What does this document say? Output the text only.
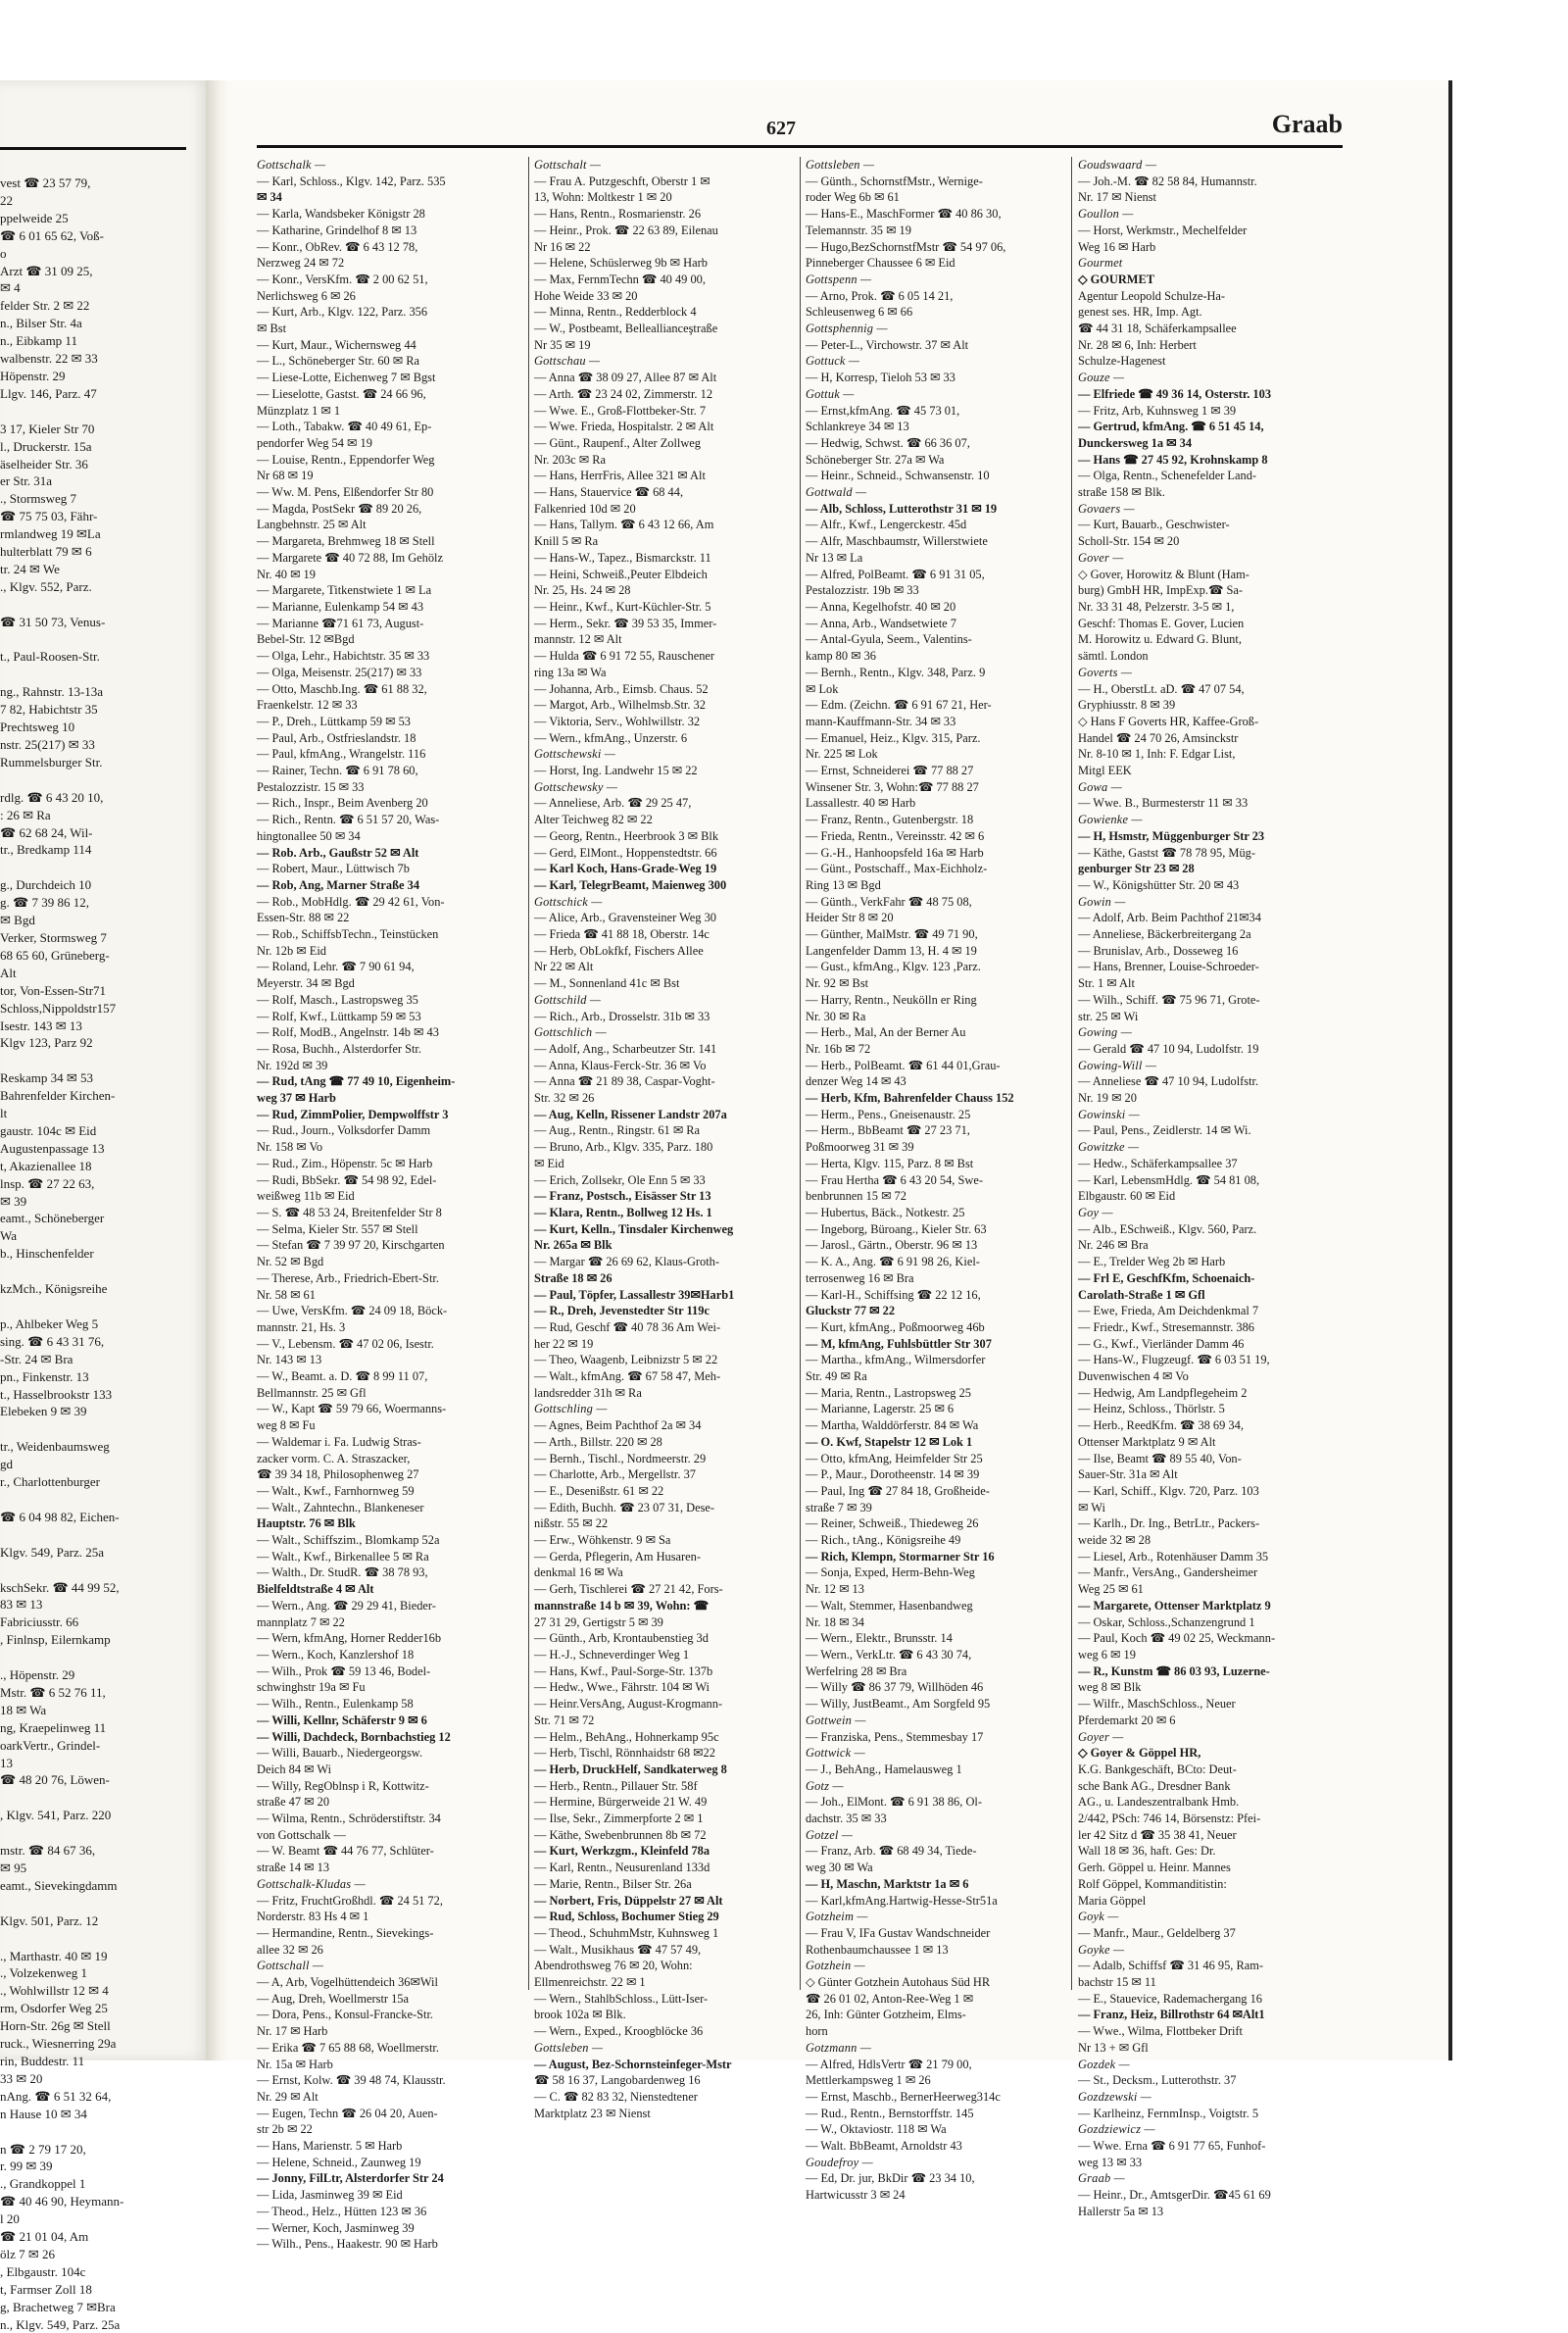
vest ☎ 23 57 79,
22
ppelweide 25
☎ 6 01 65 62, Voß-
o
Arzt ☎ 31 09 25,
✉ 4
felder Str. 2 ✉ 22
n., Bilser Str. 4a
n., Eibkamp 11
walbenstr. 22 ✉ 33
Höpenstr. 29
Llgv. 146, Parz. 47

3 17, Kieler Str 70
l., Druckerstr. 15a
äselheider Str. 36
er Str. 31a
., Stormsweg 7
☎ 75 75 03, Fähr-
rmlandweg 19 ✉La
hulterblatt 79 ✉ 6
tr. 24 ✉ We
., Klgv. 552, Parz.

☎ 31 50 73, Venus-

t., Paul-Roosen-Str.

ng., Rahnstr. 13-13a
7 82, Habichtstr 35
Prechtsweg 10
nstr. 25(217) ✉ 33
Rummelsburger Str.

rdlg. ☎ 6 43 20 10,
: 26 ✉ Ra
☎ 62 68 24, Wil-
tr., Bredkamp 114

g., Durchdeich 10
g. ☎ 7 39 86 12,
✉ Bgd
Verker, Stormsweg 7
68 65 60, Grüneberg-
Alt
tor, Von-Essen-Str71
Schloss,Nippoldstr157
Isestr. 143 ✉ 13
Klgv 123, Parz 92

Reskamp 34 ✉ 53
Bahrenfelder Kirchen-
lt
gaustr. 104c ✉ Eid
Augustenpassage 13
t, Akazienallee 18
lnsp. ☎ 27 22 63,
✉ 39
eamt., Schöneberger
Wa
b., Hinschenfelder

kzMch., Königsreihe

p., Ahlbeker Weg 5
sing. ☎ 6 43 31 76,
-Str. 24 ✉ Bra
pn., Finkenstr. 13
t., Hasselbrookstr 133
Elebeken 9 ✉ 39

tr., Weidenbaumsweg
gd
r., Charlottenburger

☎ 6 04 98 82, Eichen-

Klgv. 549, Parz. 25a

kschSekr. ☎ 44 99 52,
83 ✉ 13
Fabriciusstr. 66
, Finlnsp, Eilernkamp

., Höpenstr. 29
Mstr. ☎ 6 52 76 11,
18 ✉ Wa
ng, Kraepelinweg 11
oarkVertr., Grindel-
13
☎ 48 20 76, Löwen-

, Klgv. 541, Parz. 220

mstr. ☎ 84 67 36,
✉ 95
eamt., Sievekingdamm

Klgv. 501, Parz. 12

., Marthastr. 40 ✉ 19
., Volzekenweg 1
., Wohlwillstr 12 ✉ 4
rm, Osdorfer Weg 25
Horn-Str. 26g ✉ Stell
ruck., Wiesnerring 29a
rin, Buddestr. 11
33 ✉ 20
nAng. ☎ 6 51 32 64,
n Hause 10 ✉ 34

n ☎ 2 79 17 20,
r. 99 ✉ 39
., Grandkoppel 1
☎ 40 46 90, Heymann-
l 20
☎ 21 01 04, Am
ölz 7 ✉ 26
, Elbgaustr. 104c
t, Farmser Zoll 18
g, Brachetweg 7 ✉Bra
n., Klgv. 549, Parz. 25a
627	Graab
Gottschalk —
— Karl, Schloss., Klgv. 142, Parz. 535
✉ 34
— Karla, Wandsbeker Königstr 28
— Katharine, Grindelhof 8 ✉ 13
— Konr., ObRev. ☎ 6 43 12 78,
Nerzweg 24 ✉ 72
— Konr., VersKfm. ☎ 2 00 62 51,
Nerlichsweg 6 ✉ 26
— Kurt, Arb., Klgv. 122, Parz. 356
✉ Bst
— Kurt, Maur., Wichernsweg 44
— L., Schöneberger Str. 60 ✉ Ra
— Liese-Lotte, Eichenweg 7 ✉ Bgst
— Lieselotte, Gastst. ☎ 24 66 96,
Münzplatz 1 ✉ 1
— Loth., Tabakw. ☎ 40 49 61, Ep-
pendorfer Weg 54 ✉ 19
— Louise, Rentn., Eppendorfer Weg
Nr 68 ✉ 19
— Ww. M. Pens, Elßendorfer Str 80
— Magda, PostSekr ☎ 89 20 26,
Langbehnstr. 25 ✉ Alt
— Margareta, Brehmweg 18 ✉ Stell
— Margarete ☎ 40 72 88, Im Gehölz
Nr. 40 ✉ 19
— Margarete, Titkenstwiete 1 ✉ La
— Marianne, Eulenkamp 54 ✉ 43
— Marianne ☎71 61 73, August-
Bebel-Str. 12 ✉Bgd
— Olga, Lehr., Habichtstr. 35 ✉ 33
— Olga, Meisenstr. 25(217) ✉ 33
— Otto, Maschb.Ing. ☎ 61 88 32,
Fraenkelstr. 12 ✉ 33
— P., Dreh., Lüttkamp 59 ✉ 53
— Paul, Arb., Ostfrieslandstr. 18
— Paul, kfmAng., Wrangelstr. 116
— Rainer, Techn. ☎ 6 91 78 60,
Pestalozzistr. 15 ✉ 33
— Rich., Inspr., Beim Avenberg 20
— Rich., Rentn. ☎ 6 51 57 20, Was-
hingtonallee 50 ✉ 34
— Rob. Arb., Gaußstr 52 ✉ Alt
— Robert, Maur., Lüttwisch 7b
— Rob, Ang, Marner Straße 34
— Rob., MobHdlg. ☎ 29 42 61, Von-
Essen-Str. 88 ✉ 22
— Rob., SchiffsbTechn., Teinstücken
Nr. 12b ✉ Eid
— Roland, Lehr. ☎ 7 90 61 94,
Meyerstr. 34 ✉ Bgd
— Rolf, Masch., Lastropsweg 35
— Rolf, Kwf., Lüttkamp 59 ✉ 53
— Rolf, ModB., Angelnstr. 14b ✉ 43
— Rosa, Buchh., Alsterdorfer Str.
Nr. 192d ✉ 39
— Rud, tAng ☎ 77 49 10, Eigenheim-
weg 37 ✉ Harb
— Rud, ZimmPolier, Dempwolffstr 3
— Rud., Journ., Volksdorfer Damm
Nr. 158 ✉ Vo
— Rud., Zim., Höpenstr. 5c ✉ Harb
— Rudi, BbSekr. ☎ 54 98 92, Edel-
weißweg 11b ✉ Eid
— S. ☎ 48 53 24, Breitenfelder Str 8
— Selma, Kieler Str. 557 ✉ Stell
— Stefan ☎ 7 39 97 20, Kirschgarten
Nr. 52 ✉ Bgd
— Therese, Arb., Friedrich-Ebert-Str.
Nr. 58 ✉ 61
— Uwe, VersKfm. ☎ 24 09 18, Böck-
mannstr. 21, Hs. 3
— V., Lebensm. ☎ 47 02 06, Isestr.
Nr. 143 ✉ 13
— W., Beamt. a. D. ☎ 8 99 11 07,
Bellmannstr. 25 ✉ Gfl
— W., Kapt ☎ 59 79 66, Woermanns-
weg 8 ✉ Fu
— Waldemar i. Fa. Ludwig Stras-
zacker vorm. C. A. Straszacker,
☎ 39 34 18, Philosophenweg 27
— Walt., Kwf., Farnhornweg 59
— Walt., Zahntechn., Blankeneser
Hauptstr. 76 ✉ Blk
— Walt., Schiffszim., Blomkamp 52a
— Walt., Kwf., Birkenallee 5 ✉ Ra
— Walth., Dr. StudR. ☎ 38 78 93,
Bielfeldtstraße 4 ✉ Alt
— Wern., Ang. ☎ 29 29 41, Bieder-
mannplatz 7 ✉ 22
— Wern, kfmAng, Horner Redder16b
— Wern., Koch, Kanzlershof 18
— Wilh., Prok ☎ 59 13 46, Bodel-
schwinghstr 19a ✉ Fu
— Wilh., Rentn., Eulenkamp 58
— Willi, Kellnr, Schäferstr 9 ✉ 6
— Willi, Dachdeck, Bornbachstieg 12
— Willi, Bauarb., Niedergeorgsw.
Deich 84 ✉ Wi
— Willy, RegOblnsp i R, Kottwitz-
straße 47 ✉ 20
— Wilma, Rentn., Schröderstiftstr. 34
von Gottschalk —
— W. Beamt ☎ 44 76 77, Schlüter-
straße 14 ✉ 13
Gottschalk-Kludas —
— Fritz, FruchtGroßhdl. ☎ 24 51 72,
Norderstr. 83 Hs 4 ✉ 1
— Hermandine, Rentn., Sievekings-
allee 32 ✉ 26
Gottschall —
— A, Arb, Vogelhüttendeich 36✉Wil
— Aug, Dreh, Woellmerstr 15a
— Dora, Pens., Konsul-Francke-Str.
Nr. 17 ✉ Harb
— Erika ☎ 7 65 88 68, Woellmerstr.
Nr. 15a ✉ Harb
— Ernst, Kolw. ☎ 39 48 74, Klausstr.
Nr. 29 ✉ Alt
— Eugen, Techn ☎ 26 04 20, Auen-
str 2b ✉ 22
— Hans, Marienstr. 5 ✉ Harb
— Helene, Schneid., Zaunweg 19
— Jonny, FilLtr, Alsterdorfer Str 24
— Lida, Jasminweg 39 ✉ Eid
— Theod., Helz., Hütten 123 ✉ 36
— Werner, Koch, Jasminweg 39
— Wilh., Pens., Haakestr. 90 ✉ Harb
Gottschalt —
— Frau A. Putzgeschft, Oberstr 1 ✉
13, Wohn: Moltkestr 1 ✉ 20
— Hans, Rentn., Rosmarienstr. 26
— Heinr., Prok. ☎ 22 63 89, Eilenau
Nr 16 ✉ 22
— Helene, Schüslerweg 9b ✉ Harb
— Max, FernmTechn ☎ 40 49 00,
Hohe Weide 33 ✉ 20
— Minna, Rentn., Redderblock 4
— W., Postbeamt, Belleallianceştraße
Nr 35 ✉ 19
Gottschau —
— Anna ☎ 38 09 27, Allee 87 ✉ Alt
— Arth. ☎ 23 24 02, Zimmerstr. 12
— Wwe. E., Groß-Flottbeker-Str. 7
— Wwe. Frieda, Hospitalstr. 2 ✉ Alt
— Günt., Raupenf., Alter Zollweg
Nr. 203c ✉ Ra
— Hans, HerrFris, Allee 321 ✉ Alt
— Hans, Stauervice ☎ 68 44,
Falkenried 10d ✉ 20
— Hans, Tallym. ☎ 6 43 12 66, Am
Knill 5 ✉ Ra
— Hans-W., Tapez., Bismarckstr. 11
— Heini, Schweiß.,Peuter Elbdeich
Nr. 25, Hs. 24 ✉ 28
— Heinr., Kwf., Kurt-Küchler-Str. 5
— Herm., Sekr. ☎ 39 53 35, Immer-
mannstr. 12 ✉ Alt
— Hulda ☎ 6 91 72 55, Rauschener
ring 13a ✉ Wa
— Johanna, Arb., Eimsb. Chaus. 52
— Margot, Arb., Wilhelmsb.Str. 32
— Viktoria, Serv., Wohlwillstr. 32
— Wern., kfmAng., Unzerstr. 6
Gottschewski —
— Horst, Ing. Landwehr 15 ✉ 22
Gottschewsky —
— Anneliese, Arb. ☎ 29 25 47,
Alter Teichweg 82 ✉ 22
— Georg, Rentn., Heerbrook 3 ✉ Blk
— Gerd, ElMont., Hoppenstedtstr. 66
— Karl Koch, Hans-Grade-Weg 19
— Karl, TelegrBeamt, Maienweg 300
Gottschick —
— Alice, Arb., Gravensteiner Weg 30
— Frieda ☎ 41 88 18, Oberstr. 14c
— Herb, ObLokfkf, Fischers Allee
Nr 22 ✉ Alt
— M., Sonnenland 41c ✉ Bst
Gottschild —
— Rich., Arb., Drosselstr. 31b ✉ 33
Gottschlich —
— Adolf, Ang., Scharbeutzer Str. 141
— Anna, Klaus-Ferck-Str. 36 ✉ Vo
— Anna ☎ 21 89 38, Caspar-Voght-
Str. 32 ✉ 26
— Aug, Kelln, Rissener Landstr 207a
— Aug., Rentn., Ringstr. 61 ✉ Ra
— Bruno, Arb., Klgv. 335, Parz. 180
✉ Eid
— Erich, Zollsekr, Ole Enn 5 ✉ 33
— Franz, Postsch., Eisässer Str 13
— Klara, Rentn., Bollweg 12 Hs. 1
— Kurt, Kelln., Tinsdaler Kirchenweg
Nr. 265a ✉ Blk
— Margar ☎ 26 69 62, Klaus-Groth-
Straße 18 ✉ 26
— Paul, Töpfer, Lassallestr 39✉Harb1
— R., Dreh, Jevenstedter Str 119c
— Rud, Geschf ☎ 40 78 36 Am Wei-
her 22 ✉ 19
— Theo, Waagenb, Leibnizstr 5 ✉ 22
— Walt., kfmAng. ☎ 67 58 47, Meh-
landsredder 31h ✉ Ra
Gottschling —
— Agnes, Beim Pachthof 2a ✉ 34
— Arth., Billstr. 220 ✉ 28
— Bernh., Tischl., Nordmeerstr. 29
— Charlotte, Arb., Mergellstr. 37
— E., Desenißstr. 61 ✉ 22
— Edith, Buchh. ☎ 23 07 31, Dese-
nißstr. 55 ✉ 22
— Erw., Wöhkenstr. 9 ✉ Sa
— Gerda, Pflegerin, Am Husaren-
denkmal 16 ✉ Wa
— Gerh, Tischlerei ☎ 27 21 42, Fors-
mannstraße 14 b ✉ 39, Wohn: ☎
27 31 29, Gertigstr 5 ✉ 39
— Günth., Arb, Krontaubenstieg 3d
— H.-J., Schneverdinger Weg 1
— Hans, Kwf., Paul-Sorge-Str. 137b
— Hedw., Wwe., Fährstr. 104 ✉ Wi
— Heinr.VersAng, August-Krogmann-
Str. 71 ✉ 72
— Helm., BehAng., Hohnerkamp 95c
— Herb, Tischl, Rönnhaidstr 68 ✉22
— Herb, DruckHelf, Sandkaterweg 8
— Herb., Rentn., Pillauer Str. 58f
— Hermine, Bürgerweide 21 W. 49
— Ilse, Sekr., Zimmerpforte 2 ✉ 1
— Käthe, Swebenbrunnen 8b ✉ 72
— Kurt, Werkzgm., Kleinfeld 78a
— Karl, Rentn., Neusurenland 133d
— Marie, Rentn., Bilser Str. 26a
— Norbert, Fris, Düppelstr 27 ✉ Alt
— Rud, Schloss, Bochumer Stieg 29
— Theod., SchuhmMstr, Kuhnsweg 1
— Walt., Musikhaus ☎ 47 57 49,
Abendrothsweg 76 ✉ 20, Wohn:
Ellmenreichstr. 22 ✉ 1
— Wern., StahlbSchloss., Lütt-Iser-
brook 102a ✉ Blk.
— Wern., Exped., Kroogblöcke 36
Gottsleben —
— August, Bez-Schornsteinfeger-Mstr
☎ 58 16 37, Langobardenweg 16
— C. ☎ 82 83 32, Nienstedtener
Marktplatz 23 ✉ Nienst
Gottsleben —
— Günth., SchornstfMstr., Wernige-
roder Weg 6b ✉ 61
— Hans-E., MaschFormer ☎ 40 86 30,
Telemannstr. 35 ✉ 19
— Hugo,BezSchornstfMstr ☎ 54 97 06,
Pinneberger Chaussee 6 ✉ Eid
Gottspenn —
— Arno, Prok. ☎ 6 05 14 21,
Schleusenweg 6 ✉ 66
Gottsphennig —
— Peter-L., Virchowstr. 37 ✉ Alt
Gottuck —
— H, Korresp, Tieloh 53 ✉ 33
Gottuk —
— Ernst,kfmAng. ☎ 45 73 01,
Schlankreye 34 ✉ 13
— Hedwig, Schwst. ☎ 66 36 07,
Schöneberger Str. 27a ✉ Wa
— Heinr., Schneid., Schwansenstr. 10
Gottwald —
— Alb, Schloss, Lutterothstr 31 ✉ 19
— Alfr., Kwf., Lengerckestr. 45d
— Alfr, Maschbaumstr, Willerstwiete
Nr 13 ✉ La
— Alfred, PolBeamt. ☎ 6 91 31 05,
Pestalozzistr. 19b ✉ 33
— Anna, Kegelhofstr. 40 ✉ 20
— Anna, Arb., Wandsetwiete 7
— Antal-Gyula, Seem., Valentins-
kamp 80 ✉ 36
— Bernh., Rentn., Klgv. 348, Parz. 9
✉ Lok
— Edm. (Zeichn. ☎ 6 91 67 21, Her-
mann-Kauffmann-Str. 34 ✉ 33
— Emanuel, Heiz., Klgv. 315, Parz.
Nr. 225 ✉ Lok
— Ernst, Schneiderei ☎ 77 88 27
Winsener Str. 3, Wohn:☎ 77 88 27
Lassallestr. 40 ✉ Harb
— Franz, Rentn., Gutenbergstr. 18
— Frieda, Rentn., Vereinsstr. 42 ✉ 6
— G.-H., Hanhoopsfeld 16a ✉ Harb
— Günt., Postschaff., Max-Eichholz-
Ring 13 ✉ Bgd
— Günth., VerkFahr ☎ 48 75 08,
Heider Str 8 ✉ 20
— Günther, MalMstr. ☎ 49 71 90,
Langenfelder Damm 13, H. 4 ✉ 19
— Gust., kfmAng., Klgv. 123 ,Parz.
Nr. 92 ✉ Bst
— Harry, Rentn., Neukölln er Ring
Nr. 30 ✉ Ra
— Herb., Mal, An der Berner Au
Nr. 16b ✉ 72
— Herb., PolBeamt. ☎ 61 44 01,Grau-
denzer Weg 14 ✉ 43
— Herb, Kfm, Bahrenfelder Chauss 152
— Herm., Pens., Gneisenaustr. 25
— Herm., BbBeamt ☎ 27 23 71,
Poßmoorweg 31 ✉ 39
— Herta, Klgv. 115, Parz. 8 ✉ Bst
— Frau Hertha ☎ 6 43 20 54, Swe-
benbrunnen 15 ✉ 72
— Hubertus, Bäck., Notkestr. 25
— Ingeborg, Büroang., Kieler Str. 63
— Jarosl., Gärtn., Oberstr. 96 ✉ 13
— K. A., Ang. ☎ 6 91 98 26, Kiel-
terrosenweg 16 ✉ Bra
— Karl-H., Schiffsing ☎ 22 12 16,
Gluckstr 77 ✉ 22
— Kurt, kfmAng., Poßmoorweg 46b
— M, kfmAng, Fuhlsbüttler Str 307
— Martha., kfmAng., Wilmersdorfer
Str. 49 ✉ Ra
— Maria, Rentn., Lastropsweg 25
— Marianne, Lagerstr. 25 ✉ 6
— Martha, Walddörferstr. 84 ✉ Wa
— O. Kwf, Stapelstr 12 ✉ Lok 1
— Otto, kfmAng, Heimfelder Str 25
— P., Maur., Dorotheenstr. 14 ✉ 39
— Paul, Ing ☎ 27 84 18, Großheide-
straße 7 ✉ 39
— Reiner, Schweiß., Thiedeweg 26
— Rich., tAng., Königsreihe 49
— Rich, Klempn, Stormarner Str 16
— Sonja, Exped, Herm-Behn-Weg
Nr. 12 ✉ 13
— Walt, Stemmer, Hasenbandweg
Nr. 18 ✉ 34
— Wern., Elektr., Brunsstr. 14
— Wern., VerkLtr. ☎ 6 43 30 74,
Werfelring 28 ✉ Bra
— Willy ☎ 86 37 79, Willhöden 46
— Willy, JustBeamt., Am Sorgfeld 95
Gottwein —
— Franziska, Pens., Stemmesbay 17
Gottwick —
— J., BehAng., Hamelausweg 1
Gotz —
— Joh., ElMont. ☎ 6 91 38 86, Ol-
dachstr. 35 ✉ 33
Gotzel —
— Franz, Arb. ☎ 68 49 34, Tiede-
weg 30 ✉ Wa
— H, Maschn, Marktstr 1a ✉ 6
— Karl,kfmAng.Hartwig-Hesse-Str51a
Gotzheim —
— Frau V, IFa Gustav Wandschneider
Rothenbaumchaussee 1 ✉ 13
Gotzhein —
◇ Günter Gotzhein Autohaus Süd HR
☎ 26 01 02, Anton-Ree-Weg 1 ✉
26, Inh: Günter Gotzheim, Elms-
horn
Gotzmann —
— Alfred, HdlsVertr ☎ 21 79 00,
Mettlerkampsweg 1 ✉ 26
— Ernst, Maschb., BernerHeerweg314c
— Rud., Rentn., Bernstorffstr. 145
— W., Oktaviostr. 118 ✉ Wa
— Walt. BbBeamt, Arnoldstr 43
Goudefroy —
— Ed, Dr. jur, BkDir ☎ 23 34 10,
Hartwicusstr 3 ✉ 24
Goudswaard —
— Joh.-M. ☎ 82 58 84, Humannstr.
Nr. 17 ✉ Nienst
Goullon —
— Horst, Werkmstr., Mechelfelder
Weg 16 ✉ Harb
Gourmet
◇ GOURMET
Agentur Leopold Schulze-Ha-
genest ses. HR, Imp. Agt.
☎ 44 31 18, Schäferkampsallee
Nr. 28 ✉ 6, Inh: Herbert
Schulze-Hagenest
Gouze —
— Elfriede ☎ 49 36 14, Osterstr. 103
— Fritz, Arb, Kuhnsweg 1 ✉ 39
— Gertrud, kfmAng. ☎ 6 51 45 14,
Dunckersweg 1a ✉ 34
— Hans ☎ 27 45 92, Krohnskamp 8
— Olga, Rentn., Schenefelder Land-
straße 158 ✉ Blk.
Govaers —
— Kurt, Bauarb., Geschwister-
Scholl-Str. 154 ✉ 20
Gover —
◇ Gover, Horowitz & Blunt (Ham-
burg) GmbH HR, ImpExp.☎ Sa-
Nr. 33 31 48, Pelzerstr. 3-5 ✉ 1,
Geschf: Thomas E. Gover, Lucien
M. Horowitz u. Edward G. Blunt,
sämtl. London
Goverts —
— H., OberstLt. aD. ☎ 47 07 54,
Gryphiusstr. 8 ✉ 39
◇ Hans F Goverts HR, Kaffee-Groß-
Handel ☎ 24 70 26, Amsinckstr
Nr. 8-10 ✉ 1, Inh: F. Edgar List,
Mitgl EEK
Gowa —
— Wwe. B., Burmesterstr 11 ✉ 33
Gowienke —
— H, Hsmstr, Müggenburger Str 23
— Käthe, Gastst ☎ 78 78 95, Müg-
genburger Str 23 ✉ 28
— W., Königshütter Str. 20 ✉ 43
Gowin —
— Adolf, Arb. Beim Pachthof 21✉34
— Anneliese, Bäckerbreitergang 2a
— Brunislav, Arb., Dosseweg 16
— Hans, Brenner, Louise-Schroeder-
Str. 1 ✉ Alt
— Wilh., Schiff. ☎ 75 96 71, Grote-
str. 25 ✉ Wi
Gowing —
— Gerald ☎ 47 10 94, Ludolfstr. 19
Gowing-Will —
— Anneliese ☎ 47 10 94, Ludolfstr.
Nr. 19 ✉ 20
Gowinski —
— Paul, Pens., Zeidlerstr. 14 ✉ Wi.
Gowitzke —
— Hedw., Schäferkampsallee 37
— Karl, LebensmHdlg. ☎ 54 81 08,
Elbgaustr. 60 ✉ Eid
Goy —
— Alb., ESchweiß., Klgv. 560, Parz.
Nr. 246 ✉ Bra
— E., Trelder Weg 2b ✉ Harb
— Frl E, GeschfKfm, Schoenaich-
Carolath-Straße 1 ✉ Gfl
— Ewe, Frieda, Am Deichdenkmal 7
— Friedr., Kwf., Stresemannstr. 386
— G., Kwf., Vierländer Damm 46
— Hans-W., Flugzeugf. ☎ 6 03 51 19,
Duvenwischen 4 ✉ Vo
— Hedwig, Am Landpflegeheim 2
— Heinz, Schloss., Thörlstr. 5
— Herb., ReedKfm. ☎ 38 69 34,
Ottenser Marktplatz 9 ✉ Alt
— Ilse, Beamt ☎ 89 55 40, Von-
Sauer-Str. 31a ✉ Alt
— Karl, Schiff., Klgv. 720, Parz. 103
✉ Wi
— Karlh., Dr. Ing., BetrLtr., Packers-
weide 32 ✉ 28
— Liesel, Arb., Rotenhäuser Damm 35
— Manfr., VersAng., Gandersheimer
Weg 25 ✉ 61
— Margarete, Ottenser Marktplatz 9
— Oskar, Schloss.,Schanzengrund 1
— Paul, Koch ☎ 49 02 25, Weckmann-
weg 6 ✉ 19
— R., Kunstm ☎ 86 03 93, Luzerne-
weg 8 ✉ Blk
— Wilfr., MaschSchloss., Neuer
Pferdemarkt 20 ✉ 6
Goyer —
◇ Goyer & Göppel HR,
K.G. Bankgeschäft, BCto: Deut-
sche Bank AG., Dresdner Bank
AG., u. Landeszentralbank Hmb.
2/442, PSch: 746 14, Börsenstz: Pfei-
ler 42 Sitz d ☎ 35 38 41, Neuer
Wall 18 ✉ 36, haft. Ges: Dr.
Gerh. Göppel u. Heinr. Mannes
Rolf Göppel, Kommanditistin:
Maria Göppel
Goyk —
— Manfr., Maur., Geldelberg 37
Goyke —
— Adalb, Schiffsf ☎ 31 46 95, Ram-
bachstr 15 ✉ 11
— E., Stauevice, Rademachergang 16
— Franz, Heiz, Billrothstr 64 ✉Alt1
— Wwe., Wilma, Flottbeker Drift
Nr 13 + ✉ Gfl
Gozdek —
— St., Decksm., Lutterothstr. 37
Gozdzewski —
— Karlheinz, FernmInsp., Voigtstr. 5
Gozdziewicz —
— Wwe. Erna ☎ 6 91 77 65, Funhof-
weg 13 ✉ 33
Graab —
— Heinr., Dr., AmtsgerDir. ☎45 61 69
Hallerstr 5a ✉ 13
